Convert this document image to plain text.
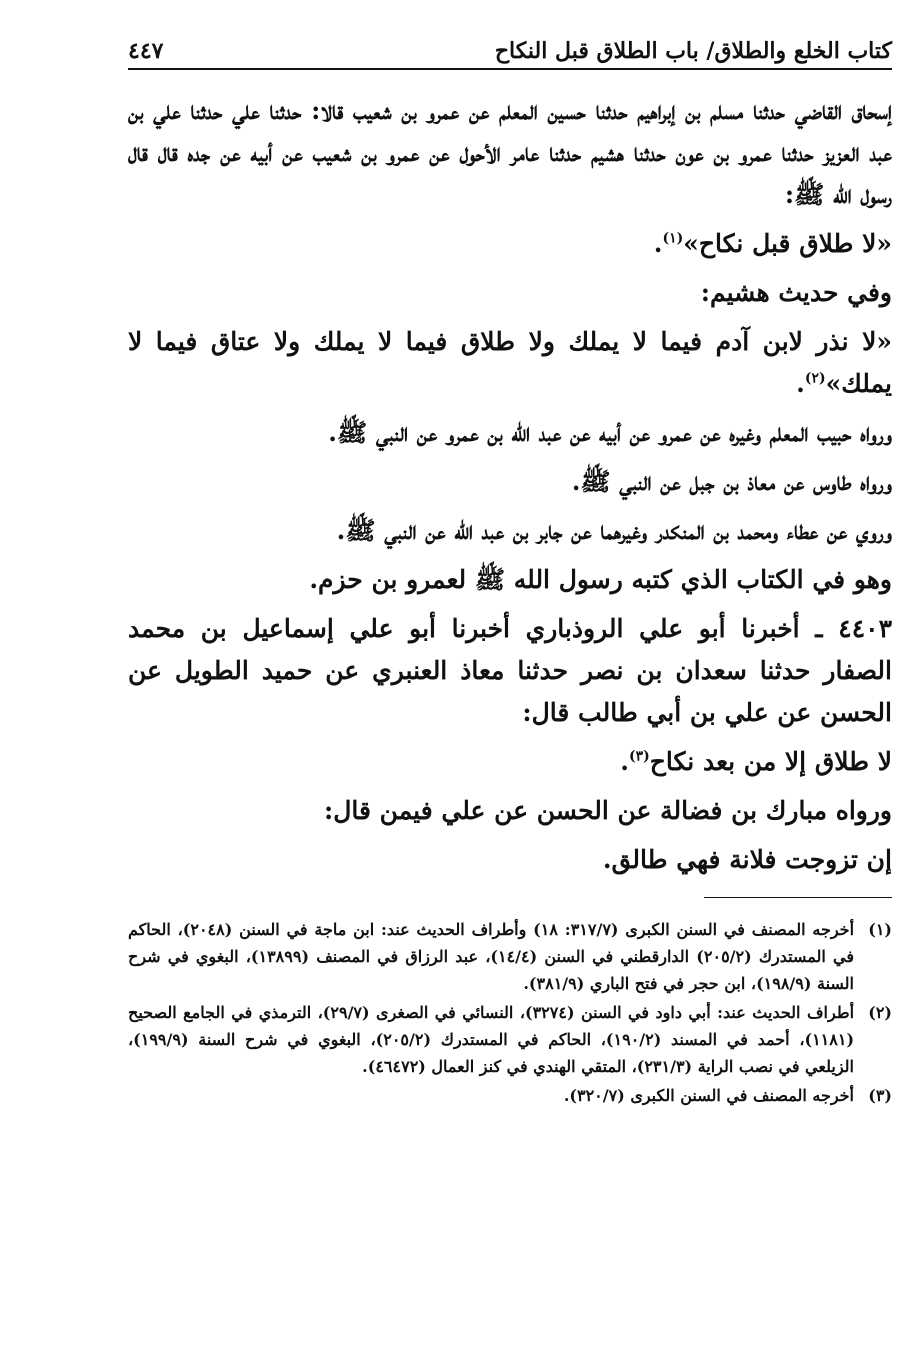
كتاب الخلع والطلاق/ باب الطلاق قبل النكاح
٤٤٧

إسحاق القاضي حدثنا مسلم بن إبراهيم حدثنا حسين المعلم عن عمرو بن شعيب قالا: حدثنا علي حدثنا علي بن عبد العزيز حدثنا عمرو بن عون حدثنا هشيم حدثنا عامر الأحول عن عمرو بن شعيب عن أبيه عن جده قال قال رسول الله ﷺ:

«لا طلاق قبل نكاح»$^{(١)}$.

وفي حديث هشيم:

«لا نذر لابن آدم فيما لا يملك ولا طلاق فيما لا يملك ولا عتاق فيما لا يملك»$^{(٢)}$.

ورواه حبيب المعلم وغيره عن عمرو عن أبيه عن عبد الله بن عمرو عن النبي ﷺ.

ورواه طاوس عن معاذ بن جبل عن النبي ﷺ.

وروي عن عطاء ومحمد بن المنكدر وغيرهما عن جابر بن عبد الله عن النبي ﷺ.

وهو في الكتاب الذي كتبه رسول الله ﷺ لعمرو بن حزم.

٤٤٠٣ ـ أخبرنا أبو علي الروذباري أخبرنا أبو علي إسماعيل بن محمد الصفار حدثنا سعدان بن نصر حدثنا معاذ العنبري عن حميد الطويل عن الحسن عن علي بن أبي طالب قال:

لا طلاق إلا من بعد نكاح$^{(٣)}$.

ورواه مبارك بن فضالة عن الحسن عن علي فيمن قال:

إن تزوجت فلانة فهي طالق.

(١)
أخرجه المصنف في السنن الكبرى (٣١٧/٧: ١٨) وأطراف الحديث عند: ابن ماجة في السنن (٢٠٤٨)، الحاكم في المستدرك (٢٠٥/٢) الدارقطني في السنن (١٤/٤)، عبد الرزاق في المصنف (١٣٨٩٩)، البغوي في شرح السنة (١٩٨/٩)، ابن حجر في فتح الباري (٣٨١/٩).
(٢)
أطراف الحديث عند: أبي داود في السنن (٣٢٧٤)، النسائي في الصغرى (٢٩/٧)، الترمذي في الجامع الصحيح (١١٨١)، أحمد في المسند (١٩٠/٢)، الحاكم في المستدرك (٢٠٥/٢)، البغوي في شرح السنة (١٩٩/٩)، الزيلعي في نصب الراية (٢٣١/٣)، المتقي الهندي في كنز العمال (٤٦٤٧٢).
(٣)
أخرجه المصنف في السنن الكبرى (٣٢٠/٧).
